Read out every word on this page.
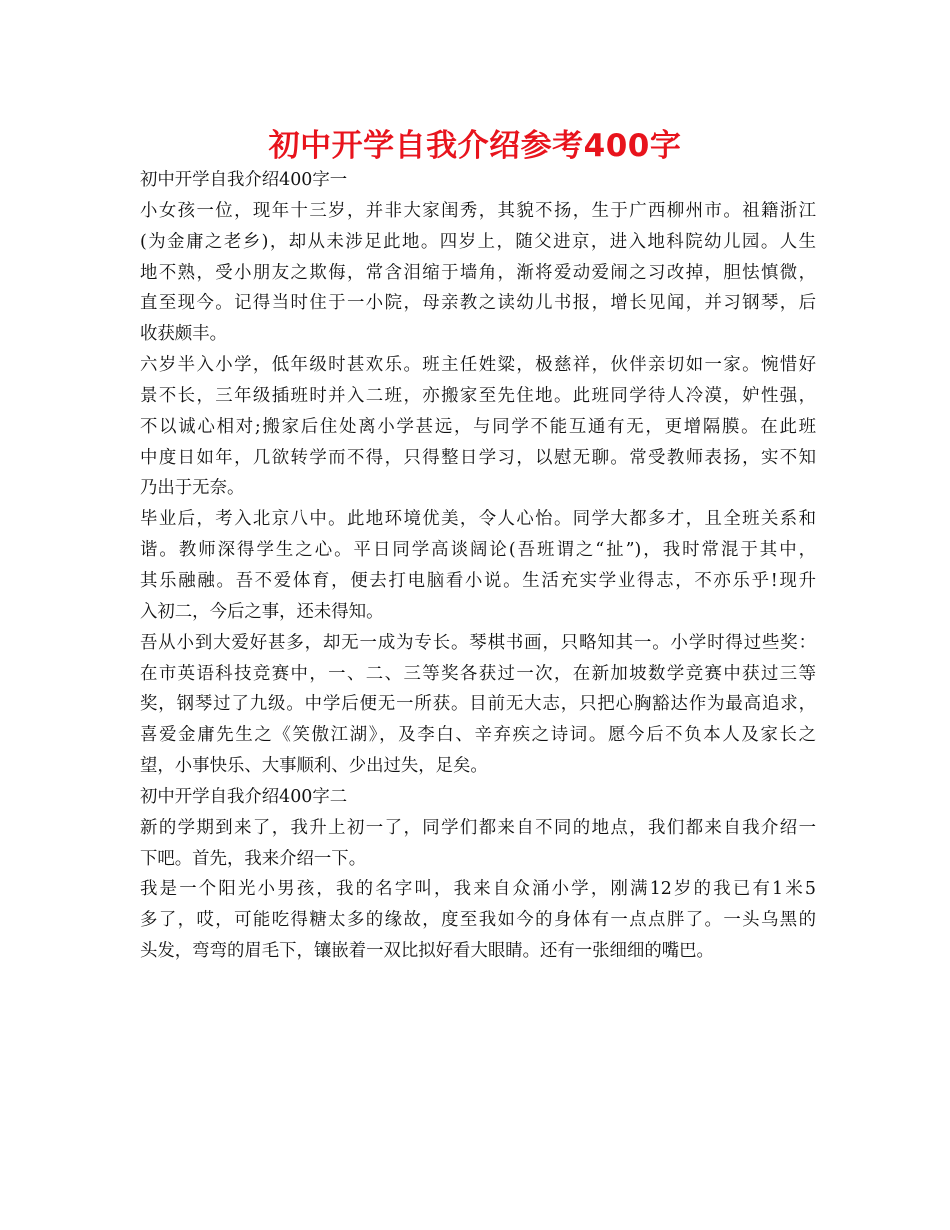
初中开学自我介绍参考400字
初中开学自我介绍400字一
小女孩一位，现年十三岁，并非大家闺秀，其貌不扬，生于广西柳州市。祖籍浙江
(为金庸之老乡)，却从未涉足此地。四岁上，随父进京，进入地科院幼儿园。人生
地不熟，受小朋友之欺侮，常含泪缩于墙角，渐将爱动爱闹之习改掉，胆怯慎微，
直至现今。记得当时住于一小院，母亲教之读幼儿书报，增长见闻，并习钢琴，后
收获颇丰。
六岁半入小学，低年级时甚欢乐。班主任姓粱，极慈祥，伙伴亲切如一家。惋惜好
景不长，三年级插班时并入二班，亦搬家至先住地。此班同学待人冷漠，妒性强，
不以诚心相对;搬家后住处离小学甚远，与同学不能互通有无，更增隔膜。在此班
中度日如年，几欲转学而不得，只得整日学习，以慰无聊。常受教师表扬，实不知
乃出于无奈。
毕业后，考入北京八中。此地环境优美，令人心怡。同学大都多才，且全班关系和
谐。教师深得学生之心。平日同学高谈阔论(吾班谓之“扯”)，我时常混于其中，
其乐融融。吾不爱体育，便去打电脑看小说。生活充实学业得志，不亦乐乎!现升
入初二，今后之事，还未得知。
吾从小到大爱好甚多，却无一成为专长。琴棋书画，只略知其一。小学时得过些奖：
在市英语科技竞赛中，一、二、三等奖各获过一次，在新加坡数学竞赛中获过三等
奖，钢琴过了九级。中学后便无一所获。目前无大志，只把心胸豁达作为最高追求，
喜爱金庸先生之《笑傲江湖》，及李白、辛弃疾之诗词。愿今后不负本人及家长之
望，小事快乐、大事顺利、少出过失，足矣。
初中开学自我介绍400字二
新的学期到来了，我升上初一了，同学们都来自不同的地点，我们都来自我介绍一
下吧。首先，我来介绍一下。
我是一个阳光小男孩，我的名字叫，我来自众涌小学，刚满12岁的我已有1米5
多了，哎，可能吃得糖太多的缘故，度至我如今的身体有一点点胖了。一头乌黑的
头发，弯弯的眉毛下，镶嵌着一双比拟好看大眼睛。还有一张细细的嘴巴。
